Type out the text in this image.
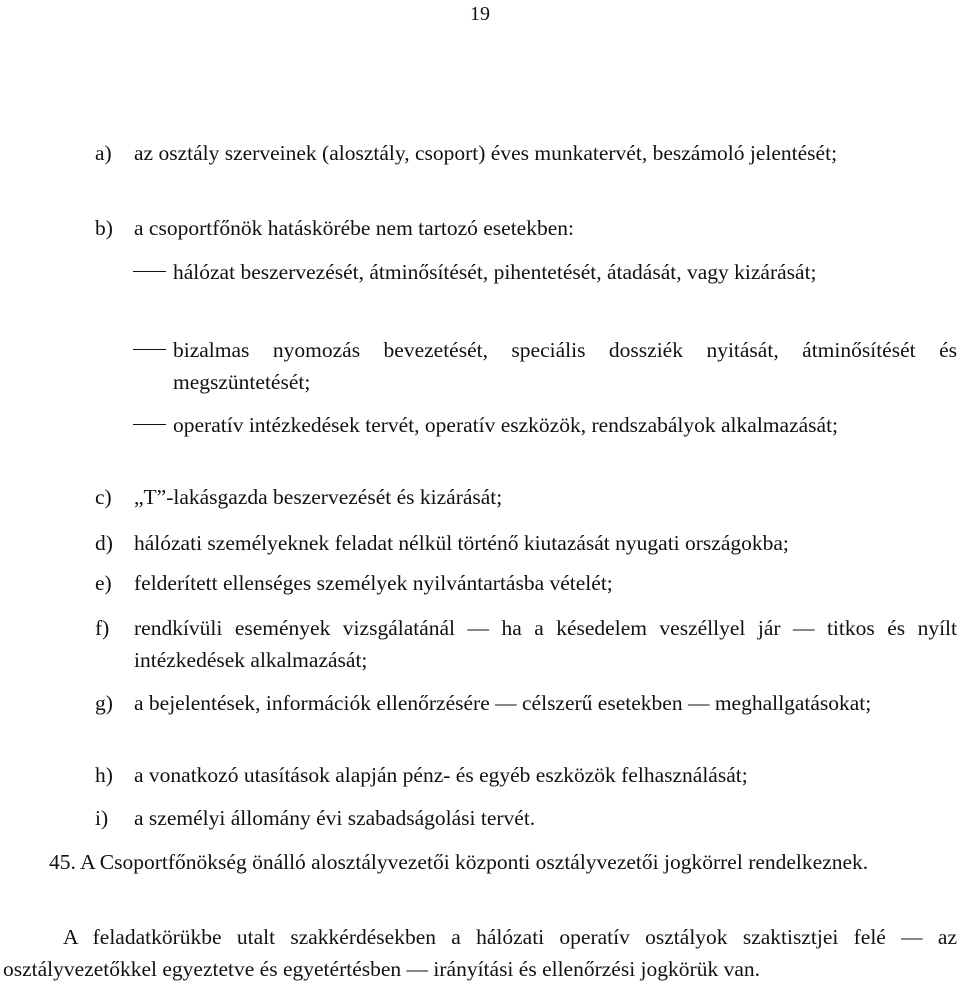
19
a) az osztály szerveinek (alosztály, csoport) éves munkatervét, beszámoló jelentését;
b) a csoportfőnök hatáskörébe nem tartozó esetekben:
hálózat beszervezését, átminősítését, pihentetését, átadását, vagy kizárását;
bizalmas nyomozás bevezetését, speciális dossziék nyitását, átminősítését és megszüntetését;
operatív intézkedések tervét, operatív eszközök, rendszabályok alkalmazását;
c) „T”-lakásgazda beszervezését és kizárását;
d) hálózati személyeknek feladat nélkül történő kiutazását nyugati országokba;
e) felderített ellenséges személyek nyilvántartásba vételét;
f) rendkívüli események vizsgálatánál — ha a késedelem veszéllyel jár — titkos és nyílt intézkedések alkalmazását;
g) a bejelentések, információk ellenőrzésére — célszerű esetekben — meghallgatásokat;
h) a vonatkozó utasítások alapján pénz- és egyéb eszközök felhasználását;
i) a személyi állomány évi szabadságolási tervét.
45. A Csoportfőnökség önálló alosztályvezetői központi osztályvezetői jogkörrel rendelkeznek.
A feladatkörükbe utalt szakkérdésekben a hálózati operatív osztályok szaktisztjei felé — az osztályvezetőkkel egyeztetve és egyetértésben — irányítási és ellenőrzési jogkörük van.
